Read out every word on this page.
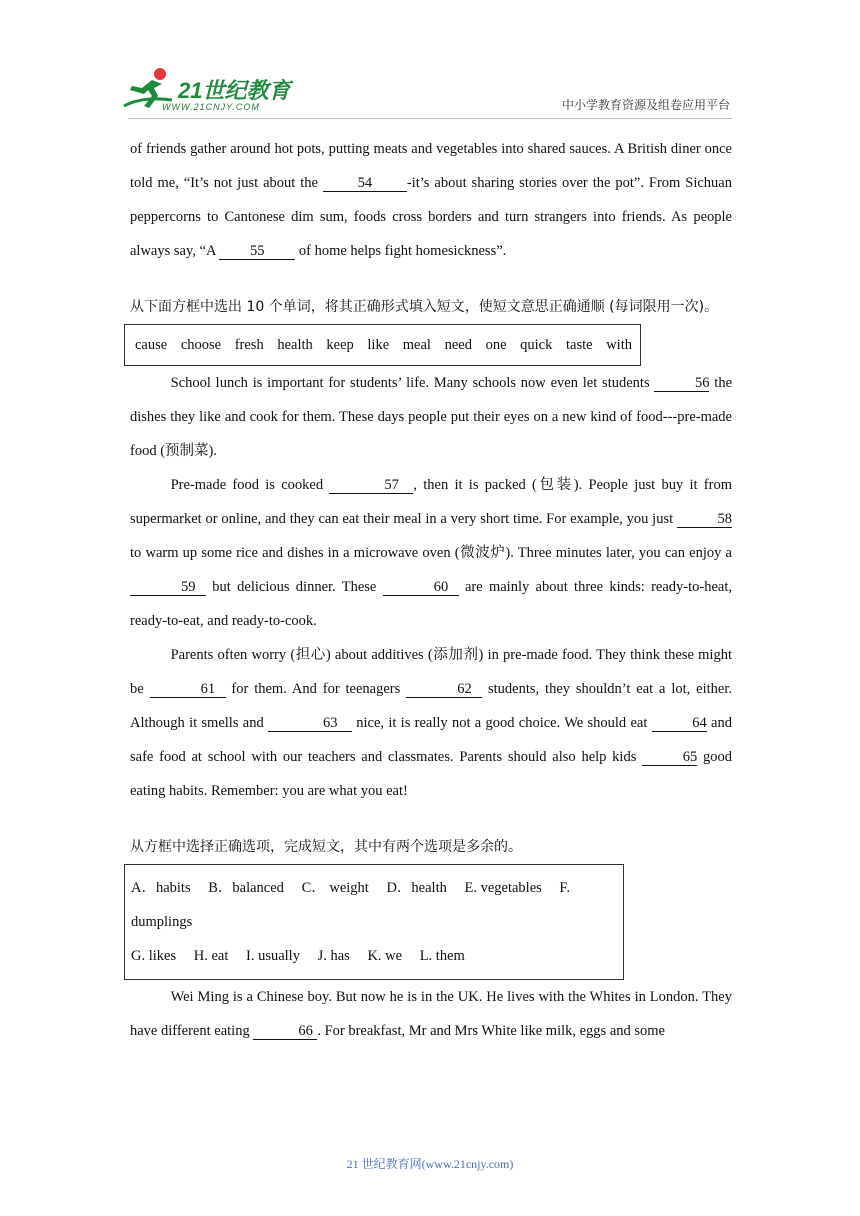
21世纪教育
WWW.21CNJY.COM	中小学教育资源及组卷应用平台

of friends gather around hot pots, putting meats and vegetables into shared sauces. A British diner once told me, “It’s not just about the 54 -it’s about sharing stories over the pot”. From Sichuan peppercorns to Cantonese dim sum, foods cross borders and turn strangers into friends. As people always say, “A 55 of home helps fight homesickness”.

从下面方框中选出 10 个单词，将其正确形式填入短文，使短文意思正确通顺 (每词限用一次)。

cause choose fresh health keep like meal need one quick taste with

School lunch is important for students’ life. Many schools now even let students	56 the dishes they like and cook for them. These days people put their eyes on a new kind of food---pre-made food (预制菜).

Pre-made food is cooked	57 , then it is packed (包装). People just buy it from supermarket or online, and they can eat their meal in a very short time. For example, you just	58 to warm up some rice and dishes in a microwave oven (微波炉). Three minutes later, you can enjoy a 59 but delicious dinner. These	60 are mainly about three kinds: ready-to-heat, ready-to-eat, and ready-to-cook.

Parents often worry (担心) about additives (添加剂) in pre-made food. They think these might be	61 for them. And for teenagers	62 students, they shouldn’t eat a lot, either. Although it smells and	63 nice, it is really not a good choice. We should eat	64 and safe food at school with our teachers and classmates. Parents should also help kids	65 good eating habits. Remember: you are what you eat!

从方框中选择正确选项，完成短文，其中有两个选项是多余的。

A．habits B．balanced C． weight D．health E. vegetables F. dumplings

G. likes H. eat I. usually J. has K. we L. them

Wei Ming is a Chinese boy. But now he is in the UK. He lives with the Whites in London. They have different eating	66 . For breakfast, Mr and Mrs White like milk, eggs and some

21 世纪教育网(www.21cnjy.com)
